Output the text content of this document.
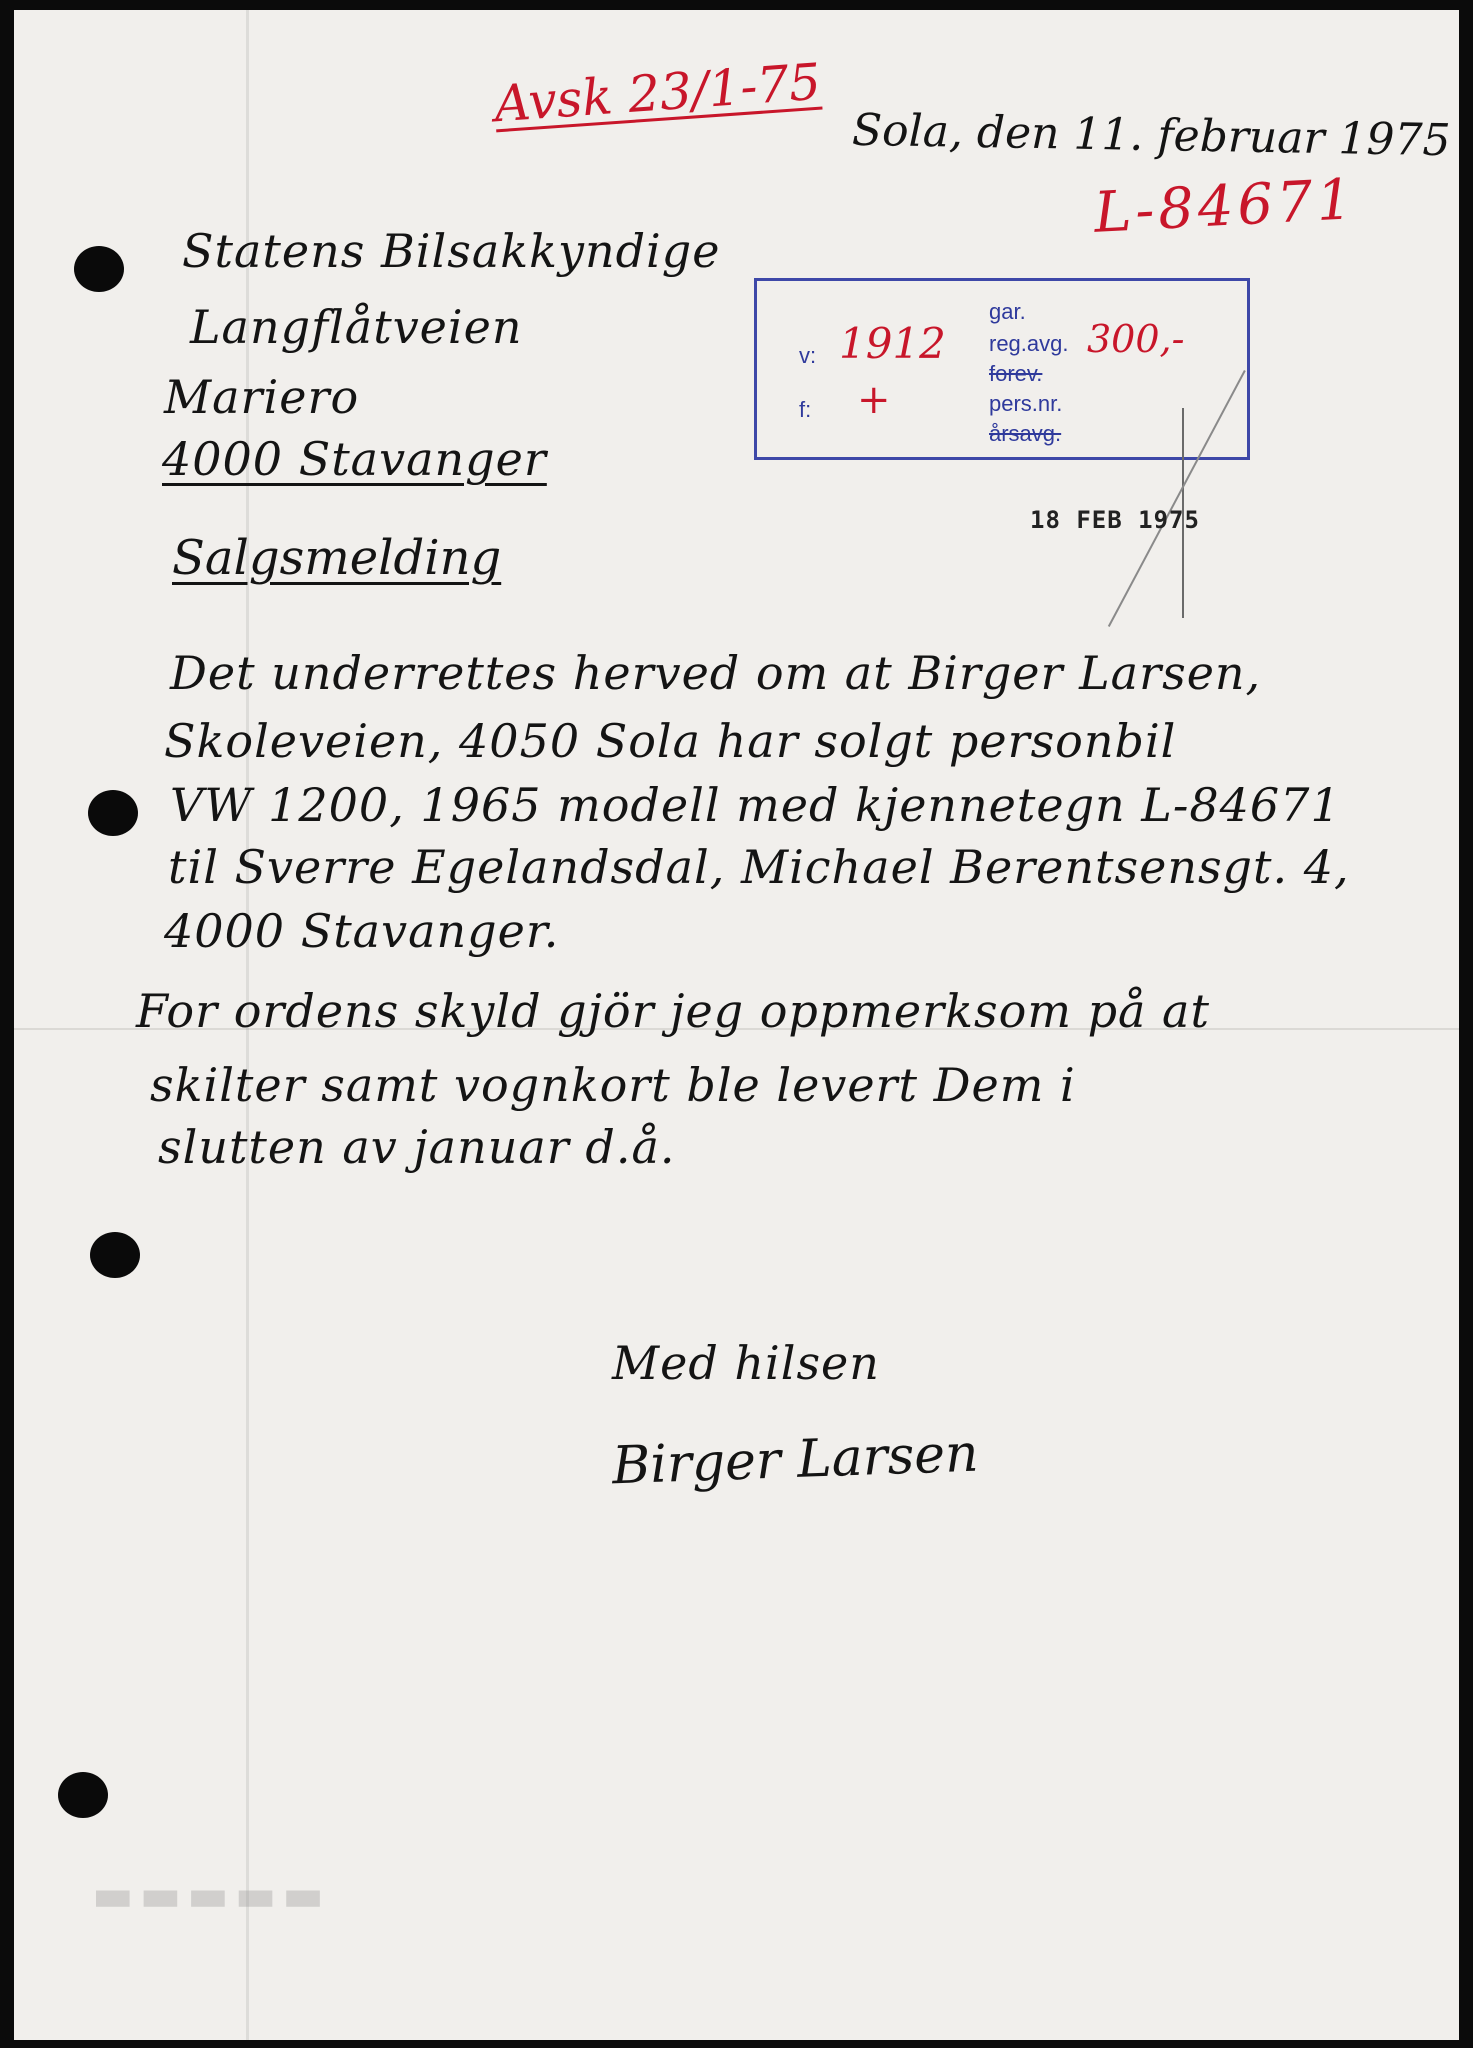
Avsk 23/1-75

Sola, den 11. februar 1975

L-84671

Statens Bilsakkyndige

Langflåtveien

Mariero

4000 Stavanger

v: 1912
f: +
gar.
reg.avg. 300,-
forev.
pers.nr.
årsavg.
18 FEB 1975

Salgsmelding

Det underrettes herved om at Birger Larsen,

Skoleveien, 4050 Sola har solgt personbil

VW 1200, 1965 modell med kjennetegn L-84671

til Sverre Egelandsdal, Michael Berentsensgt. 4,

4000 Stavanger.

For ordens skyld gjör jeg oppmerksom på at

skilter samt vognkort ble levert Dem i

slutten av januar d.å.

Med hilsen

Birger Larsen

▬▬▬▬▬
